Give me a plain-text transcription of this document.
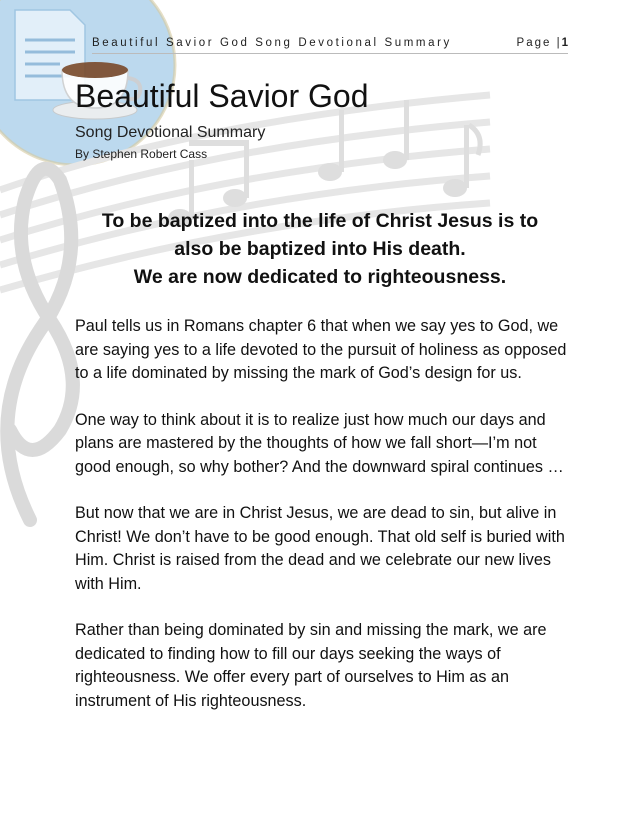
Beautiful Savior God Song Devotional Summary	Page |1
Beautiful Savior God
Song Devotional Summary
By Stephen Robert Cass
To be baptized into the life of Christ Jesus is to
also be baptized into His death.
We are now dedicated to righteousness.

Paul tells us in Romans chapter 6 that when we say yes to God, we are saying yes to a life devoted to the pursuit of holiness as opposed to a life dominated by missing the mark of God’s design for us.

One way to think about it is to realize just how much our days and plans are mastered by the thoughts of how we fall short—I’m not good enough, so why bother? And the downward spiral continues …

But now that we are in Christ Jesus, we are dead to sin, but alive in Christ! We don’t have to be good enough. That old self is buried with Him. Christ is raised from the dead and we celebrate our new lives with Him.

Rather than being dominated by sin and missing the mark, we are dedicated to finding how to fill our days seeking the ways of righteousness. We offer every part of ourselves to Him as an instrument of His righteousness.
